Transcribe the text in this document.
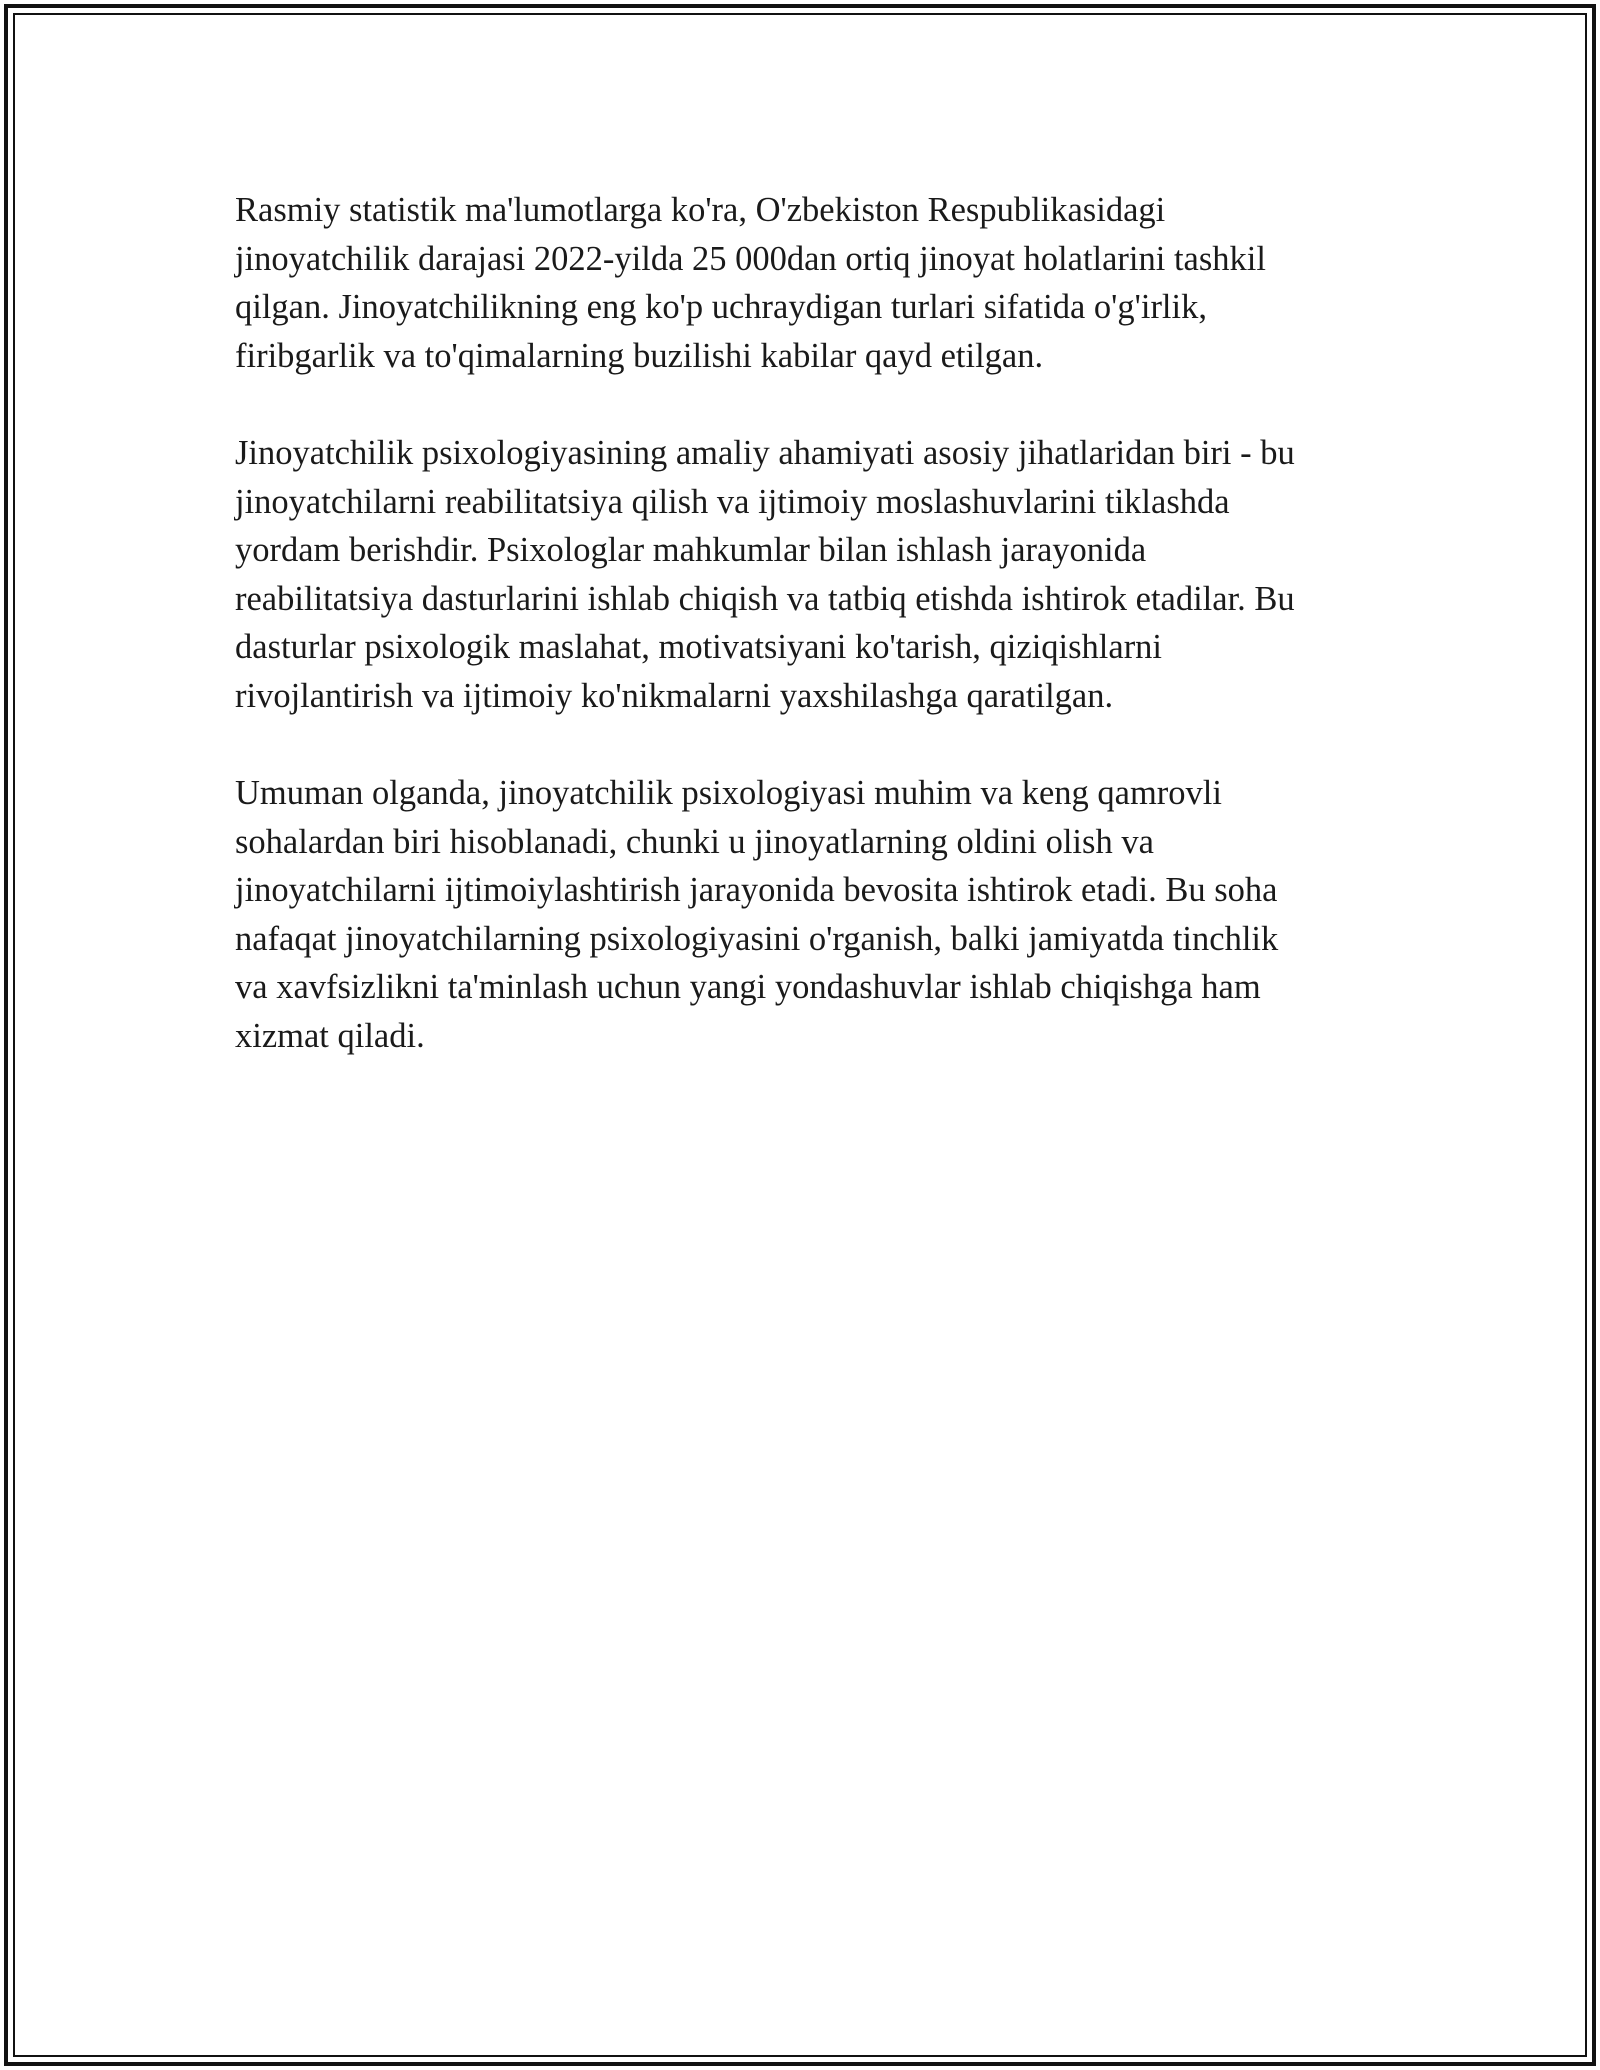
Rasmiy statistik ma'lumotlarga ko'ra, O'zbekiston Respublikasidagi
jinoyatchilik darajasi 2022-yilda 25 000dan ortiq jinoyat holatlarini tashkil
qilgan. Jinoyatchilikning eng ko'p uchraydigan turlari sifatida o'g'irlik,
firibgarlik va to'qimalarning buzilishi kabilar qayd etilgan.

Jinoyatchilik psixologiyasining amaliy ahamiyati asosiy jihatlaridan biri - bu
jinoyatchilarni reabilitatsiya qilish va ijtimoiy moslashuvlarini tiklashda
yordam berishdir. Psixologlar mahkumlar bilan ishlash jarayonida
reabilitatsiya dasturlarini ishlab chiqish va tatbiq etishda ishtirok etadilar. Bu
dasturlar psixologik maslahat, motivatsiyani ko'tarish, qiziqishlarni
rivojlantirish va ijtimoiy ko'nikmalarni yaxshilashga qaratilgan.

Umuman olganda, jinoyatchilik psixologiyasi muhim va keng qamrovli
sohalardan biri hisoblanadi, chunki u jinoyatlarning oldini olish va
jinoyatchilarni ijtimoiylashtirish jarayonida bevosita ishtirok etadi. Bu soha
nafaqat jinoyatchilarning psixologiyasini o'rganish, balki jamiyatda tinchlik
va xavfsizlikni ta'minlash uchun yangi yondashuvlar ishlab chiqishga ham
xizmat qiladi.
